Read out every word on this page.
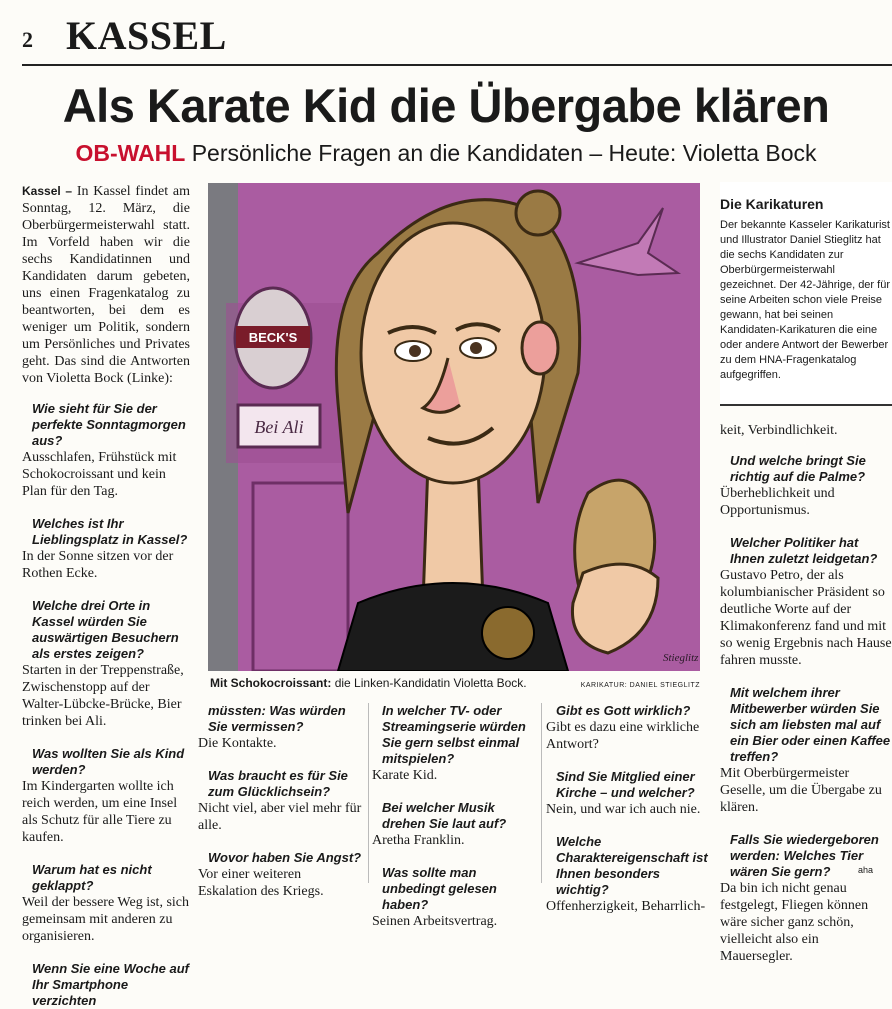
2 KASSEL
Als Karate Kid die Übergabe klären
OB-WAHL Persönliche Fragen an die Kandidaten – Heute: Violetta Bock

Kassel – In Kassel findet am Sonntag, 12. März, die Oberbürgermeisterwahl statt. Im Vorfeld haben wir die sechs Kandidatinnen und Kandidaten darum gebeten, uns einen Fragenkatalog zu beantworten, bei dem es weniger um Politik, sondern um Persönliches und Privates geht. Das sind die Antworten von Violetta Bock (Linke):

Wie sieht für Sie der perfekte Sonntagmorgen aus?
Ausschlafen, Frühstück mit Schokocroissant und kein Plan für den Tag.
Welches ist Ihr Lieblingsplatz in Kassel?
In der Sonne sitzen vor der Rothen Ecke.
Welche drei Orte in Kassel würden Sie auswärtigen Besuchern als erstes zeigen?
Starten in der Treppenstraße, Zwischenstopp auf der Walter-Lübcke-Brücke, Bier trinken bei Ali.
Was wollten Sie als Kind werden?
Im Kindergarten wollte ich reich werden, um eine Insel als Schutz für alle Tiere zu kaufen.
Warum hat es nicht geklappt?
Weil der bessere Weg ist, sich gemeinsam mit anderen zu organisieren.
Wenn Sie eine Woche auf Ihr Smartphone verzichten
BECK'S
Bei Ali
Stieglitz
Mit Schokocroissant: die Linken-Kandidatin Violetta Bock.	KARIKATUR: DANIEL STIEGLITZ
müssten: Was würden Sie vermissen?
Die Kontakte.
Was braucht es für Sie zum Glücklichsein?
Nicht viel, aber viel mehr für alle.
Wovor haben Sie Angst?
Vor einer weiteren Eskalation des Kriegs.
In welcher TV- oder Streamingserie würden Sie gern selbst einmal mitspielen?
Karate Kid.
Bei welcher Musik drehen Sie laut auf?
Aretha Franklin.
Was sollte man unbedingt gelesen haben?
Seinen Arbeitsvertrag.
Gibt es Gott wirklich?
Gibt es dazu eine wirkliche Antwort?
Sind Sie Mitglied einer Kirche – und welcher?
Nein, und war ich auch nie.
Welche Charaktereigenschaft ist Ihnen besonders wichtig?
Offenherzigkeit, Beharrlich-
Die Karikaturen
Der bekannte Kasseler Karikaturist und Illustrator Daniel Stieglitz hat die sechs Kandidaten zur Oberbürgermeisterwahl gezeichnet. Der 42-Jährige, der für seine Arbeiten schon viele Preise gewann, hat bei seinen Kandidaten-Karikaturen die eine oder andere Antwort der Bewerber zu dem HNA-Fragenkatalog aufgegriffen.

keit, Verbindlichkeit.

Und welche bringt Sie richtig auf die Palme?
Überheblichkeit und Opportunismus.
Welcher Politiker hat Ihnen zuletzt leidgetan?
Gustavo Petro, der als kolumbianischer Präsident so deutliche Worte auf der Klimakonferenz fand und mit so wenig Ergebnis nach Hause fahren musste.
Mit welchem ihrer Mitbewerber würden Sie sich am liebsten mal auf ein Bier oder einen Kaffee treffen?
Mit Oberbürgermeister Geselle, um die Übergabe zu klären.
Falls Sie wiedergeboren werden: Welches Tier wären Sie gern?
Da bin ich nicht genau festgelegt, Fliegen können wäre sicher ganz schön, vielleicht also ein Mauersegler.
aha
